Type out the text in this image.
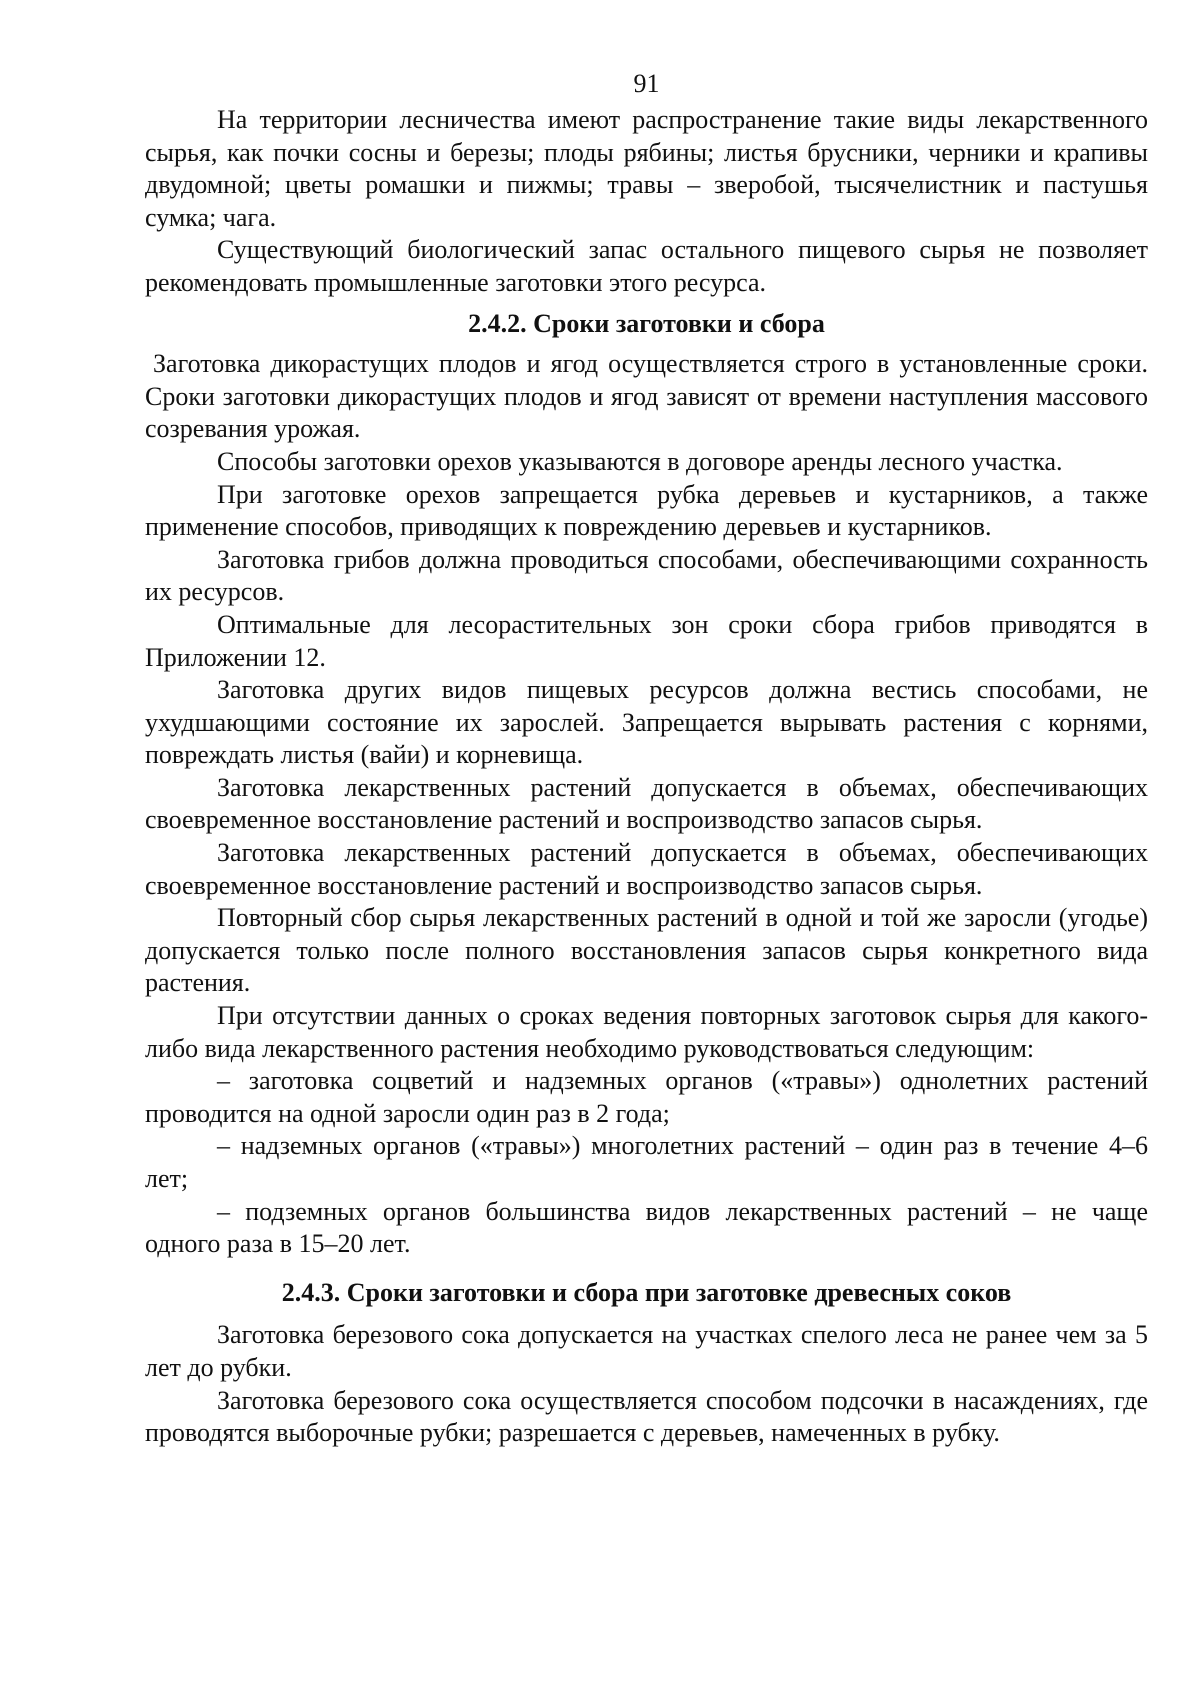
91

На территории лесничества имеют распространение такие виды лекарственного сырья, как почки сосны и березы; плоды рябины; листья брусники, черники и крапивы двудомной; цветы ромашки и пижмы; травы – зверобой, тысячелистник и пастушья сумка; чага.

Существующий биологический запас остального пищевого сырья не позволяет рекомендовать промышленные заготовки этого ресурса.

2.4.2. Сроки заготовки и сбора

Заготовка дикорастущих плодов и ягод осуществляется строго в установленные сроки. Сроки заготовки дикорастущих плодов и ягод зависят от времени наступления массового созревания урожая.

Способы заготовки орехов указываются в договоре аренды лесного участка.

При заготовке орехов запрещается рубка деревьев и кустарников, а также применение способов, приводящих к повреждению деревьев и кустарников.

Заготовка грибов должна проводиться способами, обеспечивающими сохранность их ресурсов.

Оптимальные для лесорастительных зон сроки сбора грибов приводятся в Приложении 12.

Заготовка других видов пищевых ресурсов должна вестись способами, не ухудшающими состояние их зарослей. Запрещается вырывать растения с корнями, повреждать листья (вайи) и корневища.

Заготовка лекарственных растений допускается в объемах, обеспечивающих своевременное восстановление растений и воспроизводство запасов сырья.

Заготовка лекарственных растений допускается в объемах, обеспечивающих своевременное восстановление растений и воспроизводство запасов сырья.

Повторный сбор сырья лекарственных растений в одной и той же заросли (угодье) допускается только после полного восстановления запасов сырья конкретного вида растения.

При отсутствии данных о сроках ведения повторных заготовок сырья для какого-либо вида лекарственного растения необходимо руководствоваться следующим:

– заготовка соцветий и надземных органов («травы») однолетних растений проводится на одной заросли один раз в 2 года;

– надземных органов («травы») многолетних растений – один раз в течение 4–6 лет;

– подземных органов большинства видов лекарственных растений – не чаще одного раза в 15–20 лет.

2.4.3. Сроки заготовки и сбора при заготовке древесных соков

Заготовка березового сока допускается на участках спелого леса не ранее чем за 5 лет до рубки.

Заготовка березового сока осуществляется способом подсочки в насаждениях, где проводятся выборочные рубки; разрешается с деревьев, намеченных в рубку.
